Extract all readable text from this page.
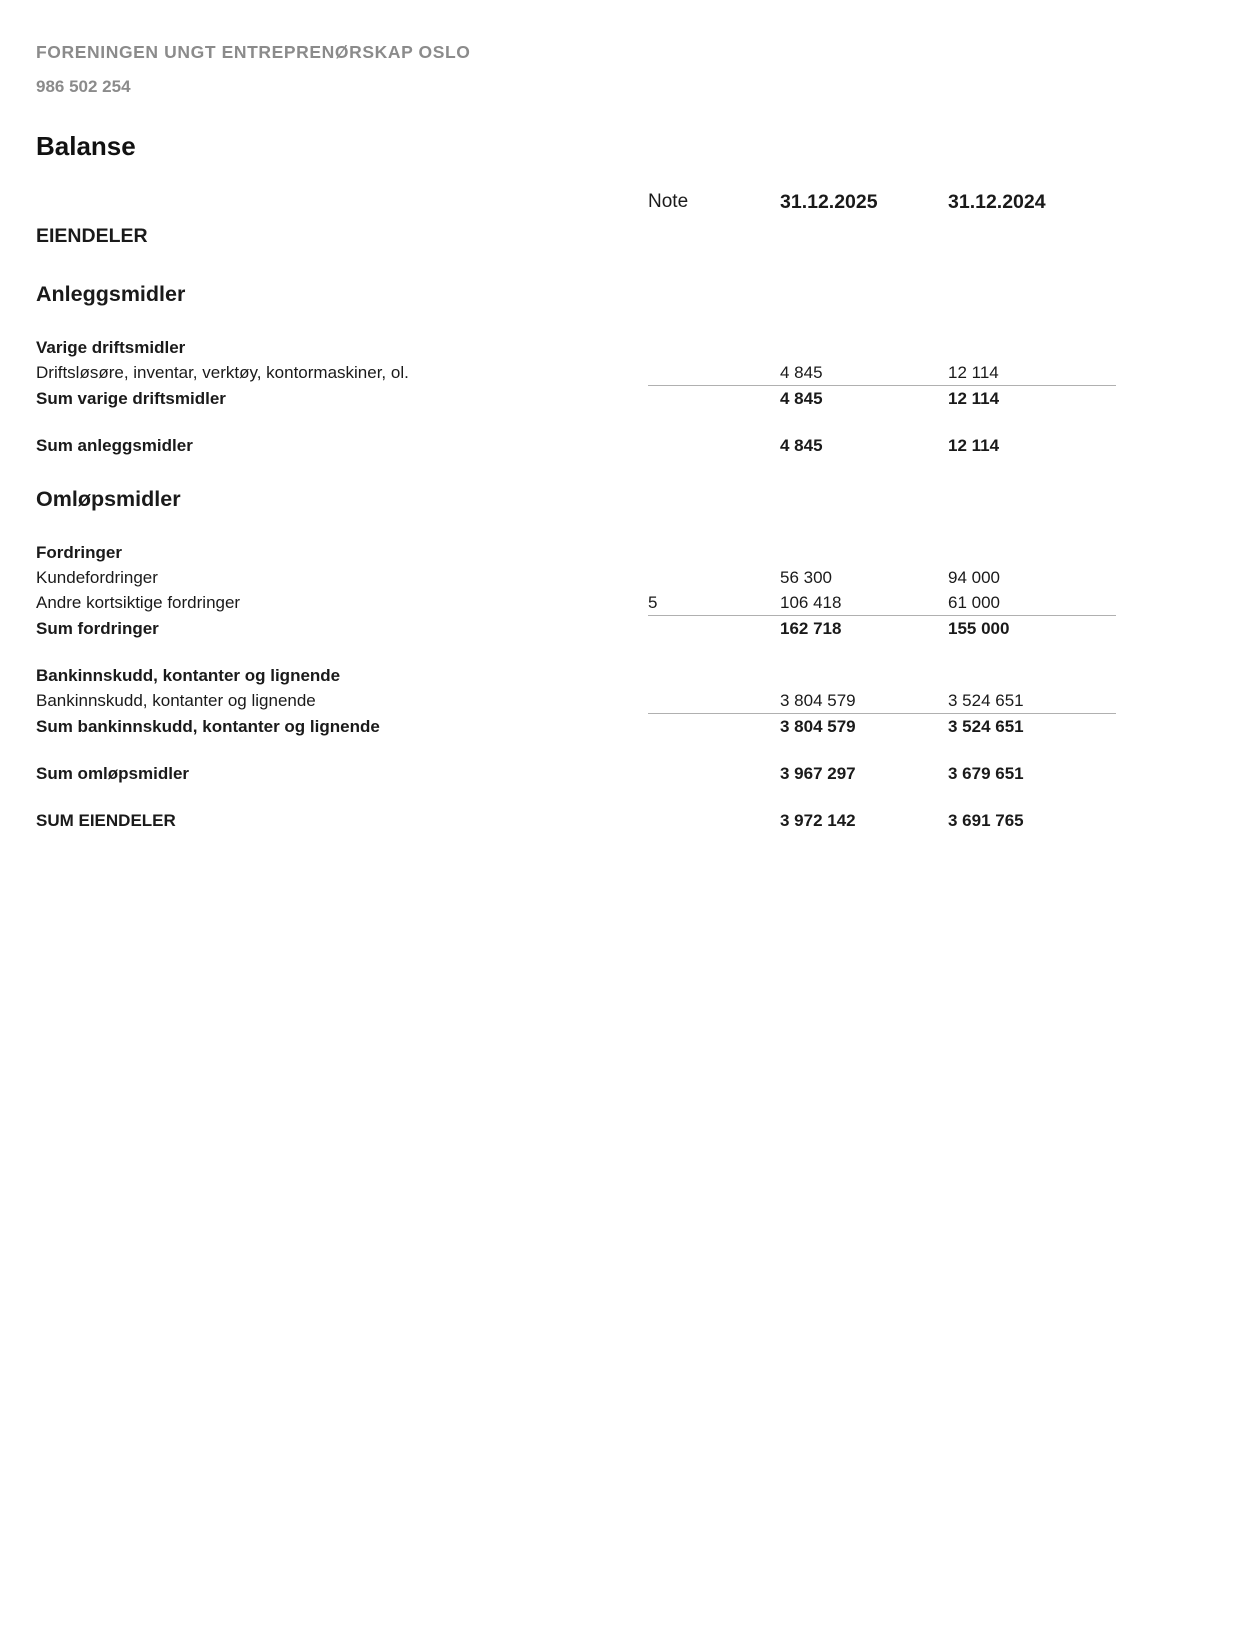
FORENINGEN UNGT ENTREPRENØRSKAP OSLO
986 502 254
Balanse
	Note	31.12.2025	31.12.2024
EIENDELER			

Anleggsmidler			

Varige driftsmidler			
Driftsløsøre, inventar, verktøy, kontormaskiner, ol.		4 845	12 114
Sum varige driftsmidler		4 845	12 114

Sum anleggsmidler		4 845	12 114

Omløpsmidler			

Fordringer			
Kundefordringer		56 300	94 000
Andre kortsiktige fordringer	5	106 418	61 000
Sum fordringer		162 718	155 000

Bankinnskudd, kontanter og lignende			
Bankinnskudd, kontanter og lignende		3 804 579	3 524 651
Sum bankinnskudd, kontanter og lignende		3 804 579	3 524 651

Sum omløpsmidler		3 967 297	3 679 651

SUM EIENDELER		3 972 142	3 691 765
